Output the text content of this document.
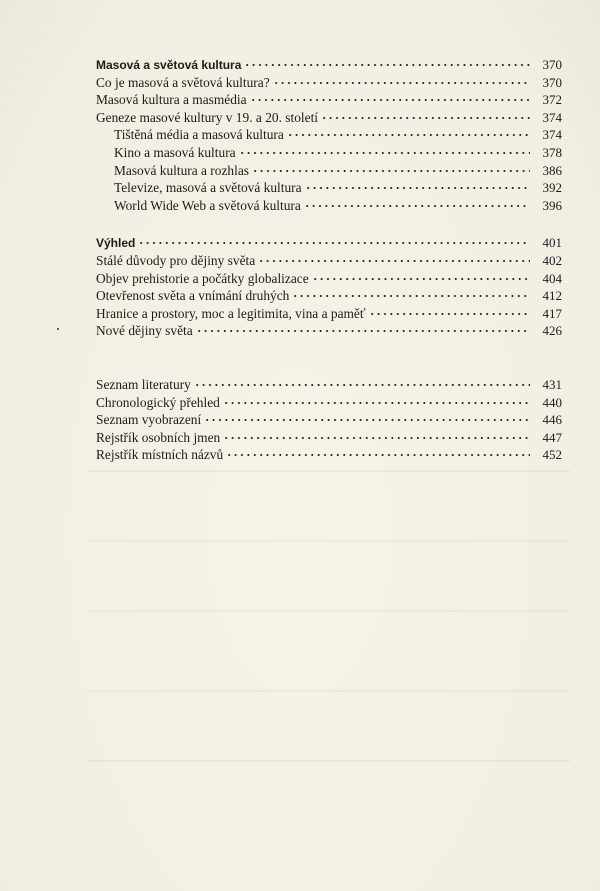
Masová a světová kultura	370
Co je masová a světová kultura?	370
Masová kultura a masmédia	372
Geneze masové kultury v 19. a 20. století	374
Tištěná média a masová kultura	374
Kino a masová kultura	378
Masová kultura a rozhlas	386
Televize, masová a světová kultura	392
World Wide Web a světová kultura	396
Výhled	401
Stálé důvody pro dějiny světa	402
Objev prehistorie a počátky globalizace	404
Otevřenost světa a vnímání druhých	412
Hranice a prostory, moc a legitimita, vina a paměť	417
Nové dějiny světa	426
Seznam literatury	431
Chronologický přehled	440
Seznam vyobrazení	446
Rejstřík osobních jmen	447
Rejstřík místních názvů	452
